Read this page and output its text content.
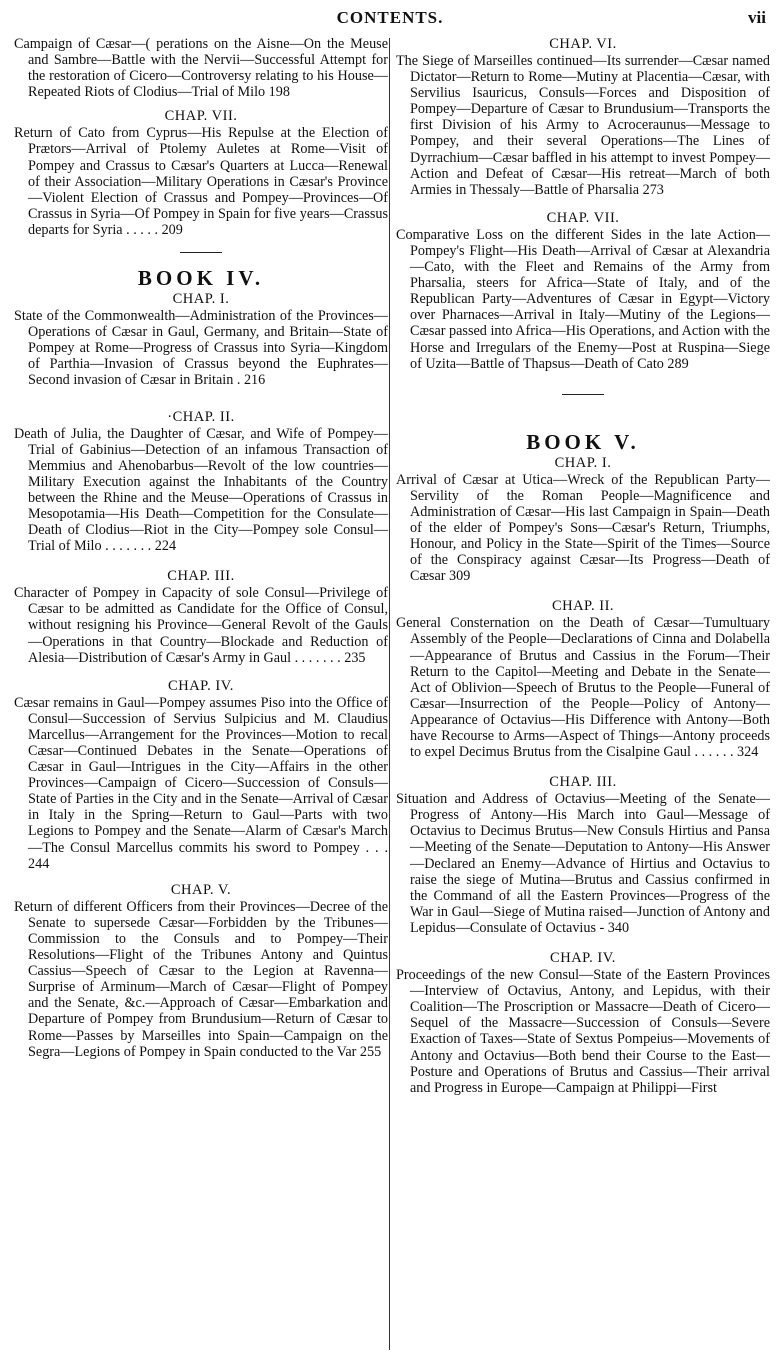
CONTENTS.	vii

Campaign of Cæsar—( perations on the Aisne—On the Meuse and Sambre—Battle with the Nervii—Successful Attempt for the restoration of Cicero—Controversy relating to his House—Repeated Riots of Clodius—Trial of Milo 198

CHAP. VII.

Return of Cato from Cyprus—His Repulse at the Election of Prætors—Arrival of Ptolemy Auletes at Rome—Visit of Pompey and Crassus to Cæsar's Quarters at Lucca—Renewal of their Association—Military Operations in Cæsar's Province—Violent Election of Crassus and Pompey—Provinces—Of Crassus in Syria—Of Pompey in Spain for five years—Crassus departs for Syria . . . . . 209

BOOK IV.
CHAP. I.

State of the Commonwealth—Administration of the Provinces—Operations of Cæsar in Gaul, Germany, and Britain—State of Pompey at Rome—Progress of Crassus into Syria—Kingdom of Parthia—Invasion of Crassus beyond the Euphrates—Second invasion of Cæsar in Britain . 216

·CHAP. II.

Death of Julia, the Daughter of Cæsar, and Wife of Pompey—Trial of Gabinius—Detection of an infamous Transaction of Memmius and Ahenobarbus—Revolt of the low countries—Military Execution against the Inhabitants of the Country between the Rhine and the Meuse—Operations of Crassus in Mesopotamia—His Death—Competition for the Consulate—Death of Clodius—Riot in the City—Pompey sole Consul—Trial of Milo . . . . . . . 224

CHAP. III.

Character of Pompey in Capacity of sole Consul—Privilege of Cæsar to be admitted as Candidate for the Office of Consul, without resigning his Province—General Revolt of the Gauls—Operations in that Country—Blockade and Reduction of Alesia—Distribution of Cæsar's Army in Gaul . . . . . . . 235

CHAP. IV.

Cæsar remains in Gaul—Pompey assumes Piso into the Office of Consul—Succession of Servius Sulpicius and M. Claudius Marcellus—Arrangement for the Provinces—Motion to recal Cæsar—Continued Debates in the Senate—Operations of Cæsar in Gaul—Intrigues in the City—Affairs in the other Provinces—Campaign of Cicero—Succession of Consuls—State of Parties in the City and in the Senate—Arrival of Cæsar in Italy in the Spring—Return to Gaul—Parts with two Legions to Pompey and the Senate—Alarm of Cæsar's March—The Consul Marcellus commits his sword to Pompey . . . 244

CHAP. V.

Return of different Officers from their Provinces—Decree of the Senate to supersede Cæsar—Forbidden by the Tribunes—Commission to the Consuls and to Pompey—Their Resolutions—Flight of the Tribunes Antony and Quintus Cassius—Speech of Cæsar to the Legion at Ravenna—Surprise of Arminum—March of Cæsar—Flight of Pompey and the Senate, &c.—Approach of Cæsar—Embarkation and Departure of Pompey from Brundusium—Return of Cæsar to Rome—Passes by Marseilles into Spain—Campaign on the Segra—Legions of Pompey in Spain conducted to the Var 255

CHAP. VI.

The Siege of Marseilles continued—Its surrender—Cæsar named Dictator—Return to Rome—Mutiny at Placentia—Cæsar, with Servilius Isauricus, Consuls—Forces and Disposition of Pompey—Departure of Cæsar to Brundusium—Transports the first Division of his Army to Acroceraunus—Message to Pompey, and their several Operations—The Lines of Dyrrachium—Cæsar baffled in his attempt to invest Pompey—Action and Defeat of Cæsar—His retreat—March of both Armies in Thessaly—Battle of Pharsalia 273

CHAP. VII.

Comparative Loss on the different Sides in the late Action—Pompey's Flight—His Death—Arrival of Cæsar at Alexandria—Cato, with the Fleet and Remains of the Army from Pharsalia, steers for Africa—State of Italy, and of the Republican Party—Adventures of Cæsar in Egypt—Victory over Pharnaces—Arrival in Italy—Mutiny of the Legions—Cæsar passed into Africa—His Operations, and Action with the Horse and Irregulars of the Enemy—Post at Ruspina—Siege of Uzita—Battle of Thapsus—Death of Cato 289

BOOK V.
CHAP. I.

Arrival of Cæsar at Utica—Wreck of the Republican Party—Servility of the Roman People—Magnificence and Administration of Cæsar—His last Campaign in Spain—Death of the elder of Pompey's Sons—Cæsar's Return, Triumphs, Honour, and Policy in the State—Spirit of the Times—Source of the Conspiracy against Cæsar—Its Progress—Death of Cæsar 309

CHAP. II.

General Consternation on the Death of Cæsar—Tumultuary Assembly of the People—Declarations of Cinna and Dolabella—Appearance of Brutus and Cassius in the Forum—Their Return to the Capitol—Meeting and Debate in the Senate—Act of Oblivion—Speech of Brutus to the People—Funeral of Cæsar—Insurrection of the People—Policy of Antony—Appearance of Octavius—His Difference with Antony—Both have Recourse to Arms—Aspect of Things—Antony proceeds to expel Decimus Brutus from the Cisalpine Gaul . . . . . . 324

CHAP. III.

Situation and Address of Octavius—Meeting of the Senate—Progress of Antony—His March into Gaul—Message of Octavius to Decimus Brutus—New Consuls Hirtius and Pansa—Meeting of the Senate—Deputation to Antony—His Answer—Declared an Enemy—Advance of Hirtius and Octavius to raise the siege of Mutina—Brutus and Cassius confirmed in the Command of all the Eastern Provinces—Progress of the War in Gaul—Siege of Mutina raised—Junction of Antony and Lepidus—Consulate of Octavius - 340

CHAP. IV.

Proceedings of the new Consul—State of the Eastern Provinces—Interview of Octavius, Antony, and Lepidus, with their Coalition—The Proscription or Massacre—Death of Cicero—Sequel of the Massacre—Succession of Consuls—Severe Exaction of Taxes—State of Sextus Pompeius—Movements of Antony and Octavius—Both bend their Course to the East—Posture and Operations of Brutus and Cassius—Their arrival and Progress in Europe—Campaign at Philippi—First
